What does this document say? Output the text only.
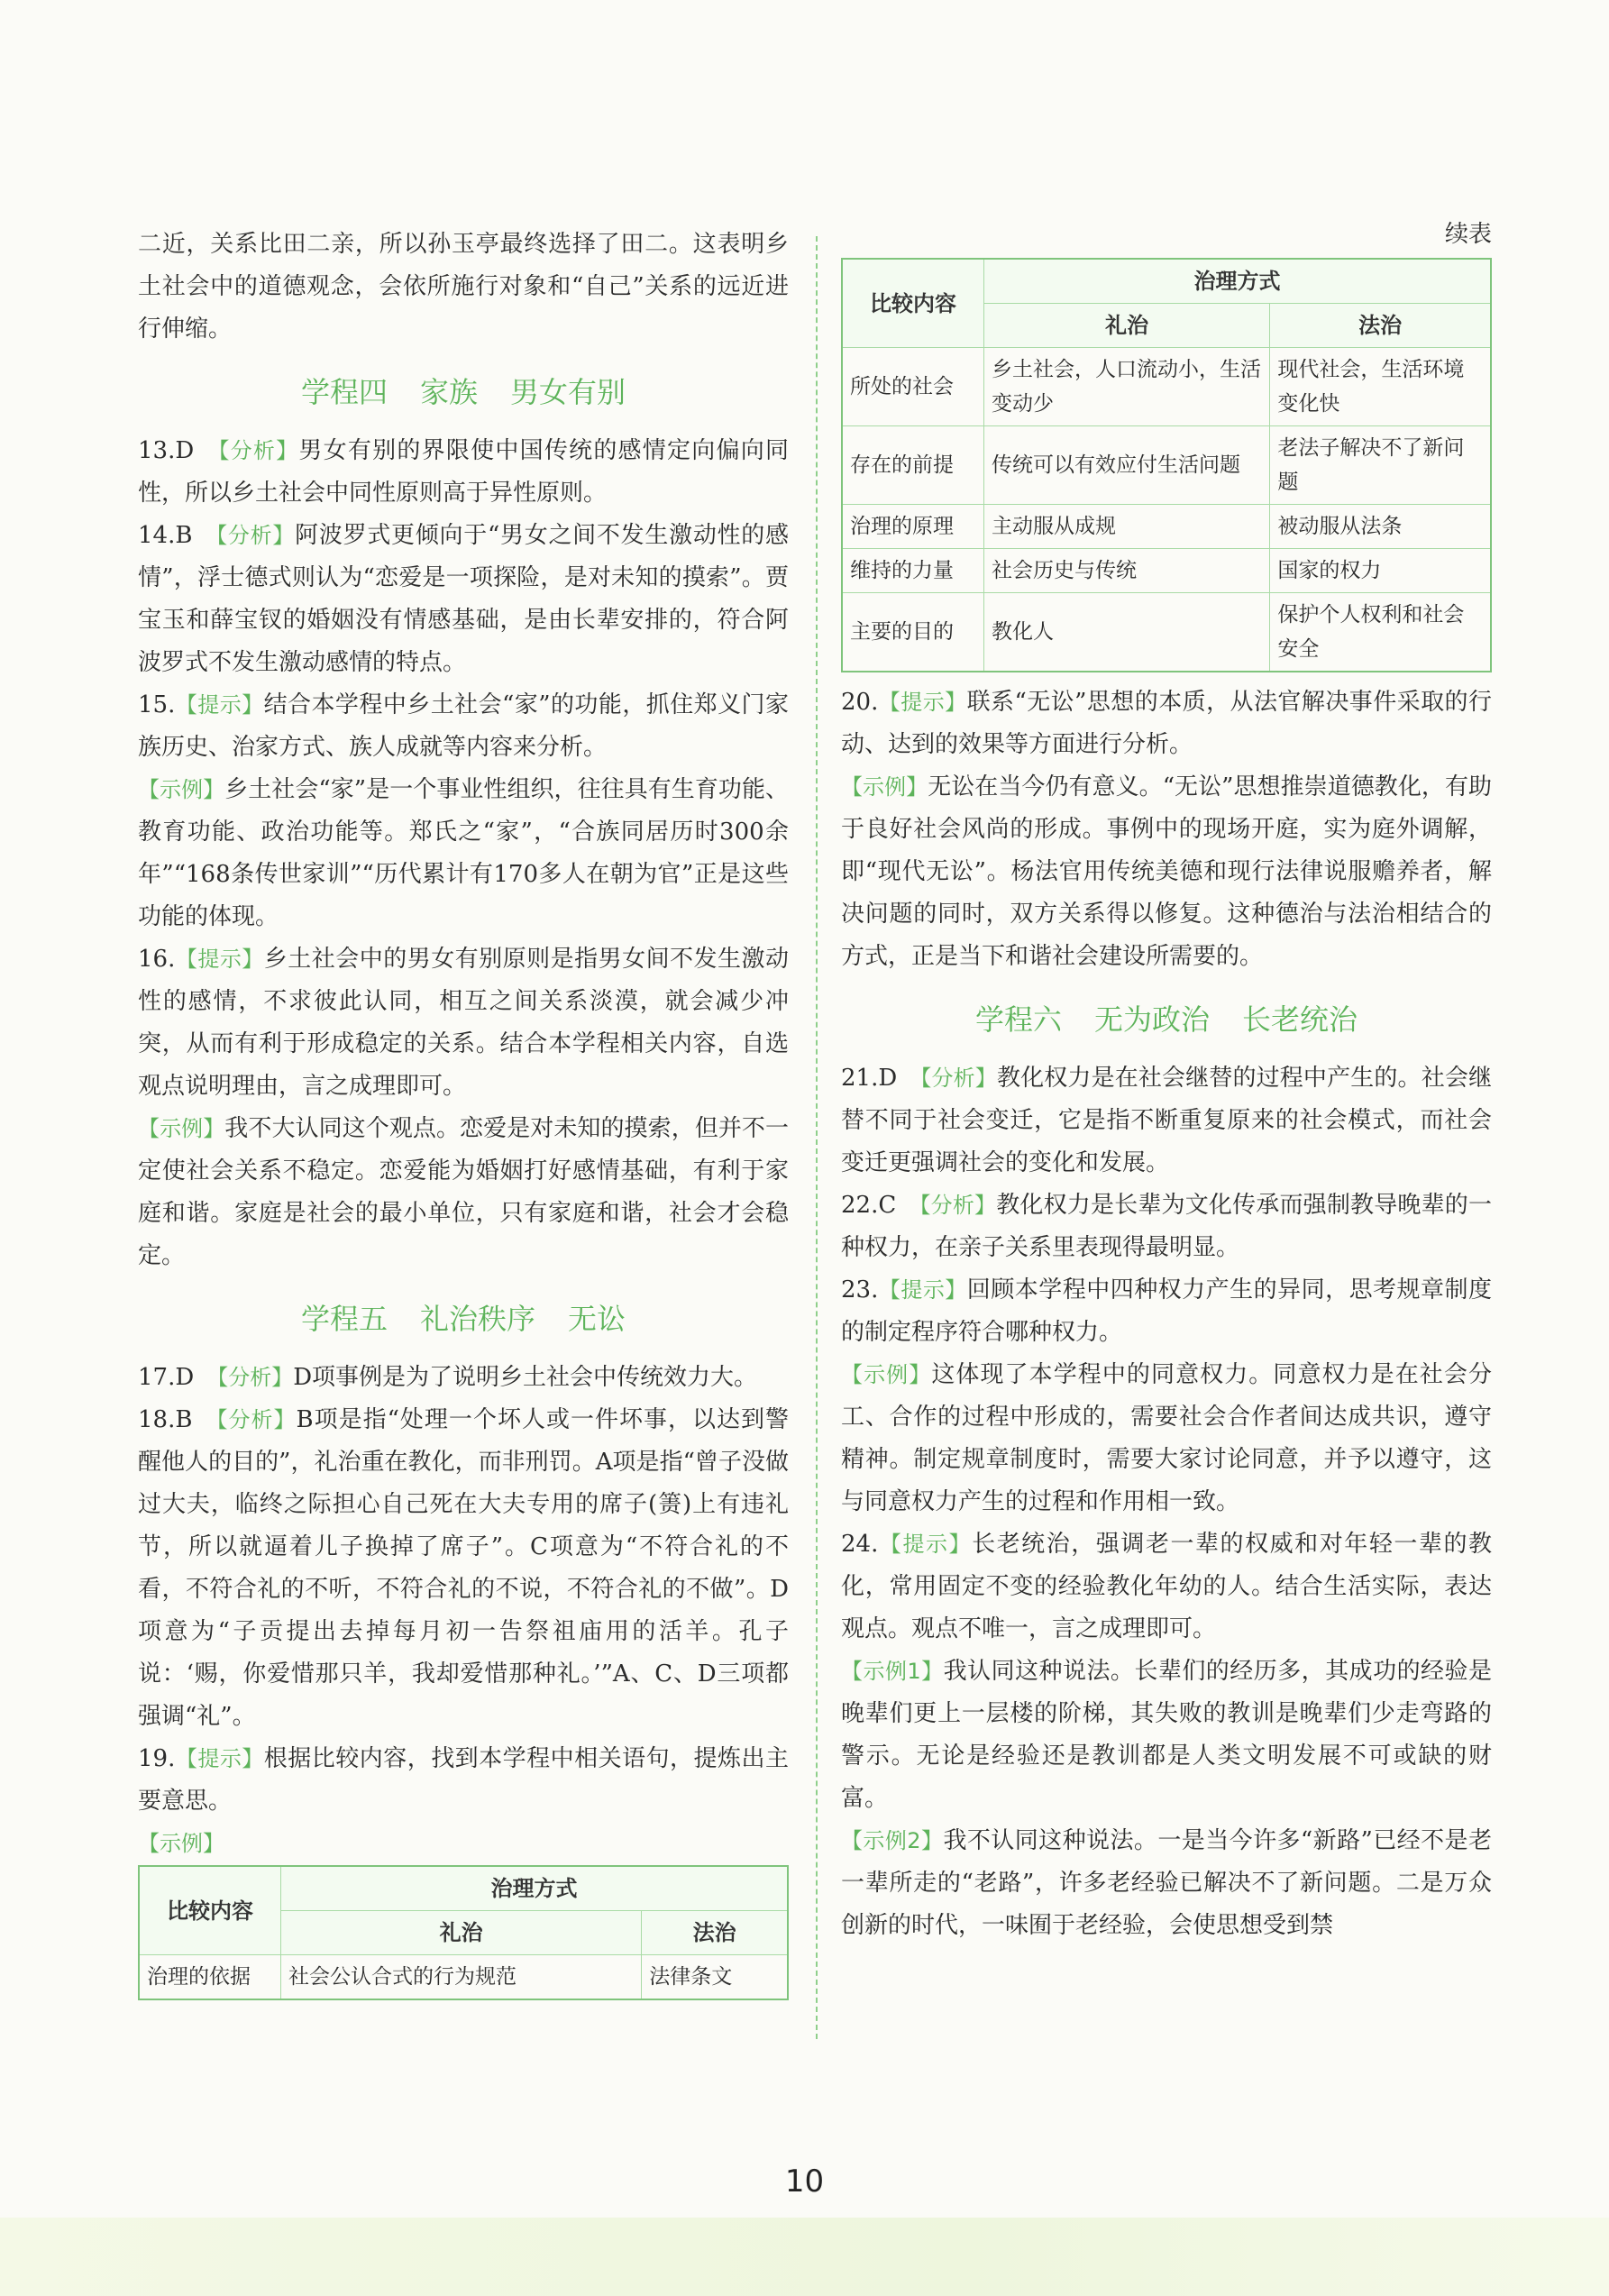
二近，关系比田二亲，所以孙玉亭最终选择了田二。这表明乡土社会中的道德观念，会依所施行对象和“自己”关系的远近进行伸缩。

学程四 家族 男女有别

13.D 【分析】男女有别的界限使中国传统的感情定向偏向同性，所以乡土社会中同性原则高于异性原则。

14.B 【分析】阿波罗式更倾向于“男女之间不发生激动性的感情”，浮士德式则认为“恋爱是一项探险，是对未知的摸索”。贾宝玉和薛宝钗的婚姻没有情感基础，是由长辈安排的，符合阿波罗式不发生激动感情的特点。

15.【提示】结合本学程中乡土社会“家”的功能，抓住郑义门家族历史、治家方式、族人成就等内容来分析。

【示例】乡土社会“家”是一个事业性组织，往往具有生育功能、教育功能、政治功能等。郑氏之“家”，“合族同居历时300余年”“168条传世家训”“历代累计有170多人在朝为官”正是这些功能的体现。

16.【提示】乡土社会中的男女有别原则是指男女间不发生激动性的感情，不求彼此认同，相互之间关系淡漠，就会减少冲突，从而有利于形成稳定的关系。结合本学程相关内容，自选观点说明理由，言之成理即可。

【示例】我不大认同这个观点。恋爱是对未知的摸索，但并不一定使社会关系不稳定。恋爱能为婚姻打好感情基础，有利于家庭和谐。家庭是社会的最小单位，只有家庭和谐，社会才会稳定。

学程五 礼治秩序 无讼

17.D 【分析】D项事例是为了说明乡土社会中传统效力大。

18.B 【分析】B项是指“处理一个坏人或一件坏事，以达到警醒他人的目的”，礼治重在教化，而非刑罚。A项是指“曾子没做过大夫，临终之际担心自己死在大夫专用的席子(箦)上有违礼节，所以就逼着儿子换掉了席子”。C项意为“不符合礼的不看，不符合礼的不听，不符合礼的不说，不符合礼的不做”。D项意为“子贡提出去掉每月初一告祭祖庙用的活羊。孔子说：‘赐，你爱惜那只羊，我却爱惜那种礼。’”A、C、D三项都强调“礼”。

19.【提示】根据比较内容，找到本学程中相关语句，提炼出主要意思。

【示例】

比较内容	治理方式	
	礼治	法治
治理的依据	社会公认合式的行为规范	法律条文
续表
比较内容	治理方式	
	礼治	法治
所处的社会	乡土社会，人口流动小，生活变动少	现代社会，生活环境变化快
存在的前提	传统可以有效应付生活问题	老法子解决不了新问题
治理的原理	主动服从成规	被动服从法条
维持的力量	社会历史与传统	国家的权力
主要的目的	教化人	保护个人权利和社会安全

20.【提示】联系“无讼”思想的本质，从法官解决事件采取的行动、达到的效果等方面进行分析。

【示例】无讼在当今仍有意义。“无讼”思想推崇道德教化，有助于良好社会风尚的形成。事例中的现场开庭，实为庭外调解，即“现代无讼”。杨法官用传统美德和现行法律说服赡养者，解决问题的同时，双方关系得以修复。这种德治与法治相结合的方式，正是当下和谐社会建设所需要的。

学程六 无为政治 长老统治

21.D 【分析】教化权力是在社会继替的过程中产生的。社会继替不同于社会变迁，它是指不断重复原来的社会模式，而社会变迁更强调社会的变化和发展。

22.C 【分析】教化权力是长辈为文化传承而强制教导晚辈的一种权力，在亲子关系里表现得最明显。

23.【提示】回顾本学程中四种权力产生的异同，思考规章制度的制定程序符合哪种权力。

【示例】这体现了本学程中的同意权力。同意权力是在社会分工、合作的过程中形成的，需要社会合作者间达成共识，遵守精神。制定规章制度时，需要大家讨论同意，并予以遵守，这与同意权力产生的过程和作用相一致。

24.【提示】长老统治，强调老一辈的权威和对年轻一辈的教化，常用固定不变的经验教化年幼的人。结合生活实际，表达观点。观点不唯一，言之成理即可。

【示例1】我认同这种说法。长辈们的经历多，其成功的经验是晚辈们更上一层楼的阶梯，其失败的教训是晚辈们少走弯路的警示。无论是经验还是教训都是人类文明发展不可或缺的财富。

【示例2】我不认同这种说法。一是当今许多“新路”已经不是老一辈所走的“老路”，许多老经验已解决不了新问题。二是万众创新的时代，一味囿于老经验，会使思想受到禁

10
